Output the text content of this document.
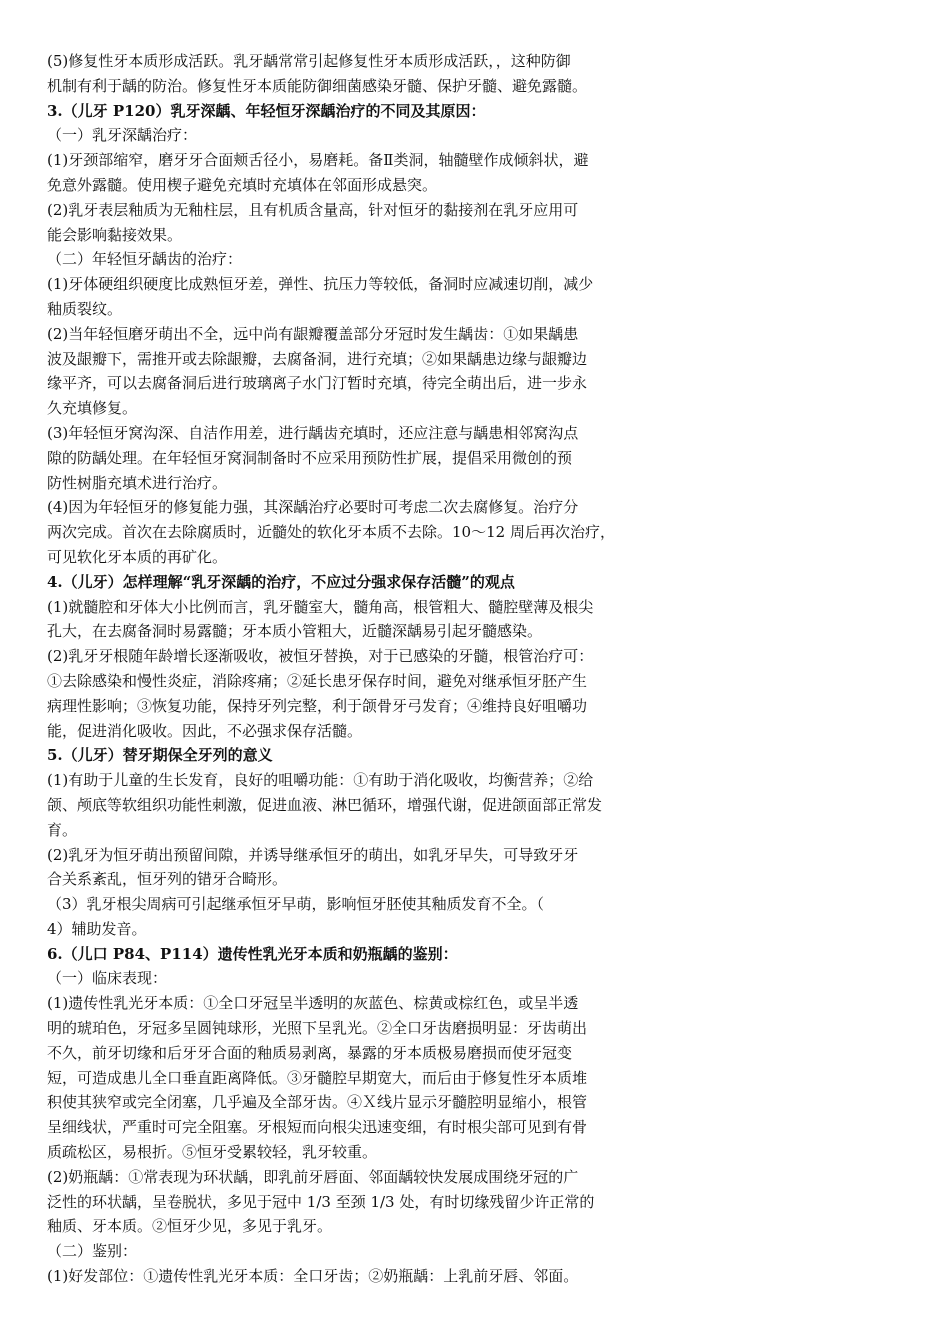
(5)修复性牙本质形成活跃。乳牙龋常常引起修复性牙本质形成活跃，，这种防御
机制有利于龋的防治。修复性牙本质能防御细菌感染牙髓、保护牙髓、避免露髓。
3.（儿牙 P120）乳牙深龋、年轻恒牙深龋治疗的不同及其原因：
（一）乳牙深龋治疗：
(1)牙颈部缩窄，磨牙牙合面颊舌径小，易磨耗。备Ⅱ类洞，轴髓壁作成倾斜状，避
免意外露髓。使用楔子避免充填时充填体在邻面形成悬突。
(2)乳牙表层釉质为无釉柱层，且有机质含量高，针对恒牙的黏接剂在乳牙应用可
能会影响黏接效果。
（二）年轻恒牙龋齿的治疗：
(1)牙体硬组织硬度比成熟恒牙差，弹性、抗压力等较低，备洞时应减速切削，减少
釉质裂纹。
(2)当年轻恒磨牙萌出不全，远中尚有龈瓣覆盖部分牙冠时发生龋齿：①如果龋患
波及龈瓣下，需推开或去除龈瓣，去腐备洞，进行充填；②如果龋患边缘与龈瓣边
缘平齐，可以去腐备洞后进行玻璃离子水门汀暂时充填，待完全萌出后，进一步永
久充填修复。
(3)年轻恒牙窝沟深、自洁作用差，进行龋齿充填时，还应注意与龋患相邻窝沟点
隙的防龋处理。在年轻恒牙窝洞制备时不应采用预防性扩展，提倡采用微创的预
防性树脂充填术进行治疗。
(4)因为年轻恒牙的修复能力强，其深龋治疗必要时可考虑二次去腐修复。治疗分
两次完成。首次在去除腐质时，近髓处的软化牙本质不去除。10～12 周后再次治疗，
可见软化牙本质的再矿化。
4.（儿牙）怎样理解“乳牙深龋的治疗，不应过分强求保存活髓”的观点
(1)就髓腔和牙体大小比例而言，乳牙髓室大，髓角高，根管粗大、髓腔壁薄及根尖
孔大，在去腐备洞时易露髓；牙本质小管粗大，近髓深龋易引起牙髓感染。
(2)乳牙牙根随年龄增长逐渐吸收，被恒牙替换，对于已感染的牙髓，根管治疗可：
①去除感染和慢性炎症，消除疼痛；②延长患牙保存时间，避免对继承恒牙胚产生
病理性影响；③恢复功能，保持牙列完整，利于颌骨牙弓发育；④维持良好咀嚼功
能，促进消化吸收。因此，不必强求保存活髓。
5.（儿牙）替牙期保全牙列的意义
(1)有助于儿童的生长发育，良好的咀嚼功能：①有助于消化吸收，均衡营养；②给
颌、颅底等软组织功能性刺激，促进血液、淋巴循环，增强代谢，促进颌面部正常发
育。
(2)乳牙为恒牙萌出预留间隙，并诱导继承恒牙的萌出，如乳牙早失，可导致牙牙
合关系紊乱，恒牙列的错牙合畸形。
（3）乳牙根尖周病可引起继承恒牙早萌，影响恒牙胚使其釉质发育不全。（
4）辅助发音。
6.（儿口 P84、P114）遗传性乳光牙本质和奶瓶龋的鉴别：
（一）临床表现：
(1)遗传性乳光牙本质：①全口牙冠呈半透明的灰蓝色、棕黄或棕红色，或呈半透
明的琥珀色，牙冠多呈圆钝球形，光照下呈乳光。②全口牙齿磨损明显：牙齿萌出
不久，前牙切缘和后牙牙合面的釉质易剥离，暴露的牙本质极易磨损而使牙冠变
短，可造成患儿全口垂直距离降低。③牙髓腔早期宽大，而后由于修复性牙本质堆
积使其狭窄或完全闭塞，几乎遍及全部牙齿。④Ｘ线片显示牙髓腔明显缩小，根管
呈细线状，严重时可完全阻塞。牙根短而向根尖迅速变细，有时根尖部可见到有骨
质疏松区，易根折。⑤恒牙受累较轻，乳牙较重。
(2)奶瓶龋：①常表现为环状龋，即乳前牙唇面、邻面龋较快发展成围绕牙冠的广
泛性的环状龋，呈卷脱状，多见于冠中 1/3 至颈 1/3 处，有时切缘残留少许正常的
釉质、牙本质。②恒牙少见，多见于乳牙。
（二）鉴别：
(1)好发部位：①遗传性乳光牙本质：全口牙齿；②奶瓶龋：上乳前牙唇、邻面。
